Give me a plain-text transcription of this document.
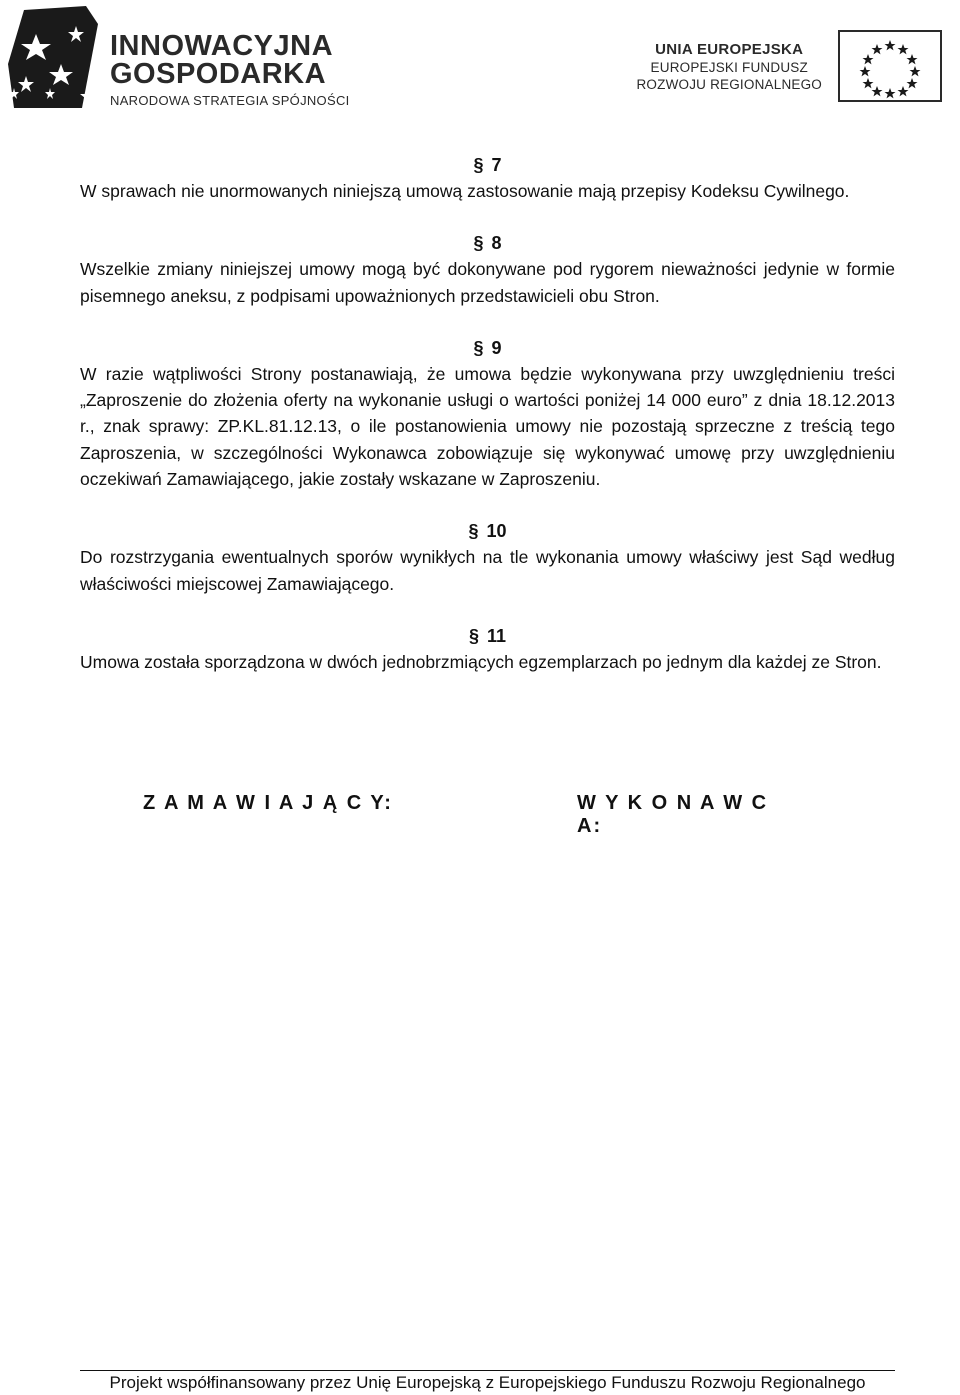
INNOWACYJNA
GOSPODARKA
NARODOWA STRATEGIA SPÓJNOŚCI
UNIA EUROPEJSKA
EUROPEJSKI FUNDUSZ
ROZWOJU REGIONALNEGO
§ 7
W sprawach nie unormowanych niniejszą umową zastosowanie mają przepisy Kodeksu Cywilnego.
§ 8
Wszelkie zmiany niniejszej umowy mogą być dokonywane pod rygorem nieważności jedynie w formie pisemnego aneksu, z podpisami upoważnionych przedstawicieli obu Stron.
§ 9
W razie wątpliwości Strony postanawiają, że umowa będzie wykonywana przy uwzględnieniu treści „Zaproszenie do złożenia oferty na wykonanie usługi o wartości poniżej 14 000 euro” z dnia 18.12.2013 r., znak sprawy: ZP.KL.81.12.13, o ile postanowienia umowy nie pozostają sprzeczne z treścią tego Zaproszenia, w szczególności Wykonawca zobowiązuje się wykonywać umowę przy uwzględnieniu oczekiwań Zamawiającego, jakie zostały wskazane w Zaproszeniu.
§ 10
Do rozstrzygania ewentualnych sporów wynikłych na tle wykonania umowy właściwy jest Sąd według właściwości miejscowej Zamawiającego.
§ 11
Umowa została sporządzona w dwóch jednobrzmiących egzemplarzach po jednym dla każdej ze Stron.
Z A M A W I A J Ą C Y:	W Y K O N A W C A:
Projekt współfinansowany przez Unię Europejską z Europejskiego Funduszu Rozwoju Regionalnego
